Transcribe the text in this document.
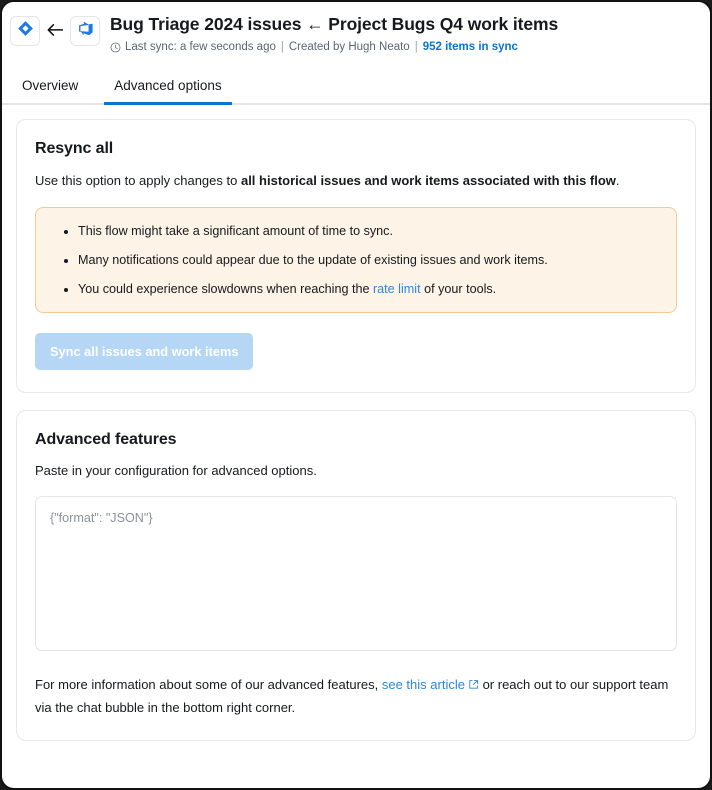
Bug Triage 2024 issues ← Project Bugs Q4 work items
Last sync: a few seconds ago | Created by Hugh Neato | 952 items in sync
Overview	Advanced options
Resync all

Use this option to apply changes to all historical issues and work items associated with this flow.

• This flow might take a significant amount of time to sync.
• Many notifications could appear due to the update of existing issues and work items.
• You could experience slowdowns when reaching the rate limit of your tools.
Sync all issues and work items
Advanced features

Paste in your configuration for advanced options.

{"format": "JSON"}

For more information about some of our advanced features, see this article or reach out to our support team via the chat bubble in the bottom right corner.
